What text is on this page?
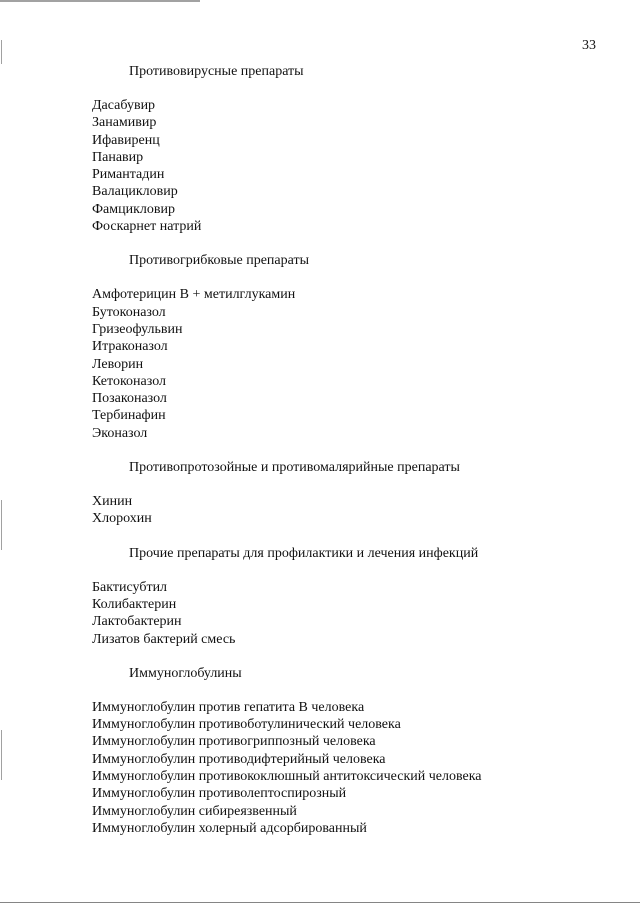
33

Противовирусные препараты

Дасабувир
Занамивир
Ифавиренц
Панавир
Римантадин
Валацикловир
Фамцикловир
Фоскарнет натрий

Противогрибковые препараты

Амфотерицин В + метилглукамин
Бутоконазол
Гризеофульвин
Итраконазол
Леворин
Кетоконазол
Позаконазол
Тербинафин
Эконазол

Противопротозойные и противомалярийные препараты

Хинин
Хлорохин

Прочие препараты для профилактики и лечения инфекций

Бактисубтил
Колибактерин
Лактобактерин
Лизатов бактерий смесь

Иммуноглобулины

Иммуноглобулин против гепатита В человека
Иммуноглобулин противоботулинический человека
Иммуноглобулин противогриппозный человека
Иммуноглобулин противодифтерийный человека
Иммуноглобулин противококлюшный антитоксический человека
Иммуноглобулин противолептоспирозный
Иммуноглобулин сибиреязвенный
Иммуноглобулин холерный адсорбированный
